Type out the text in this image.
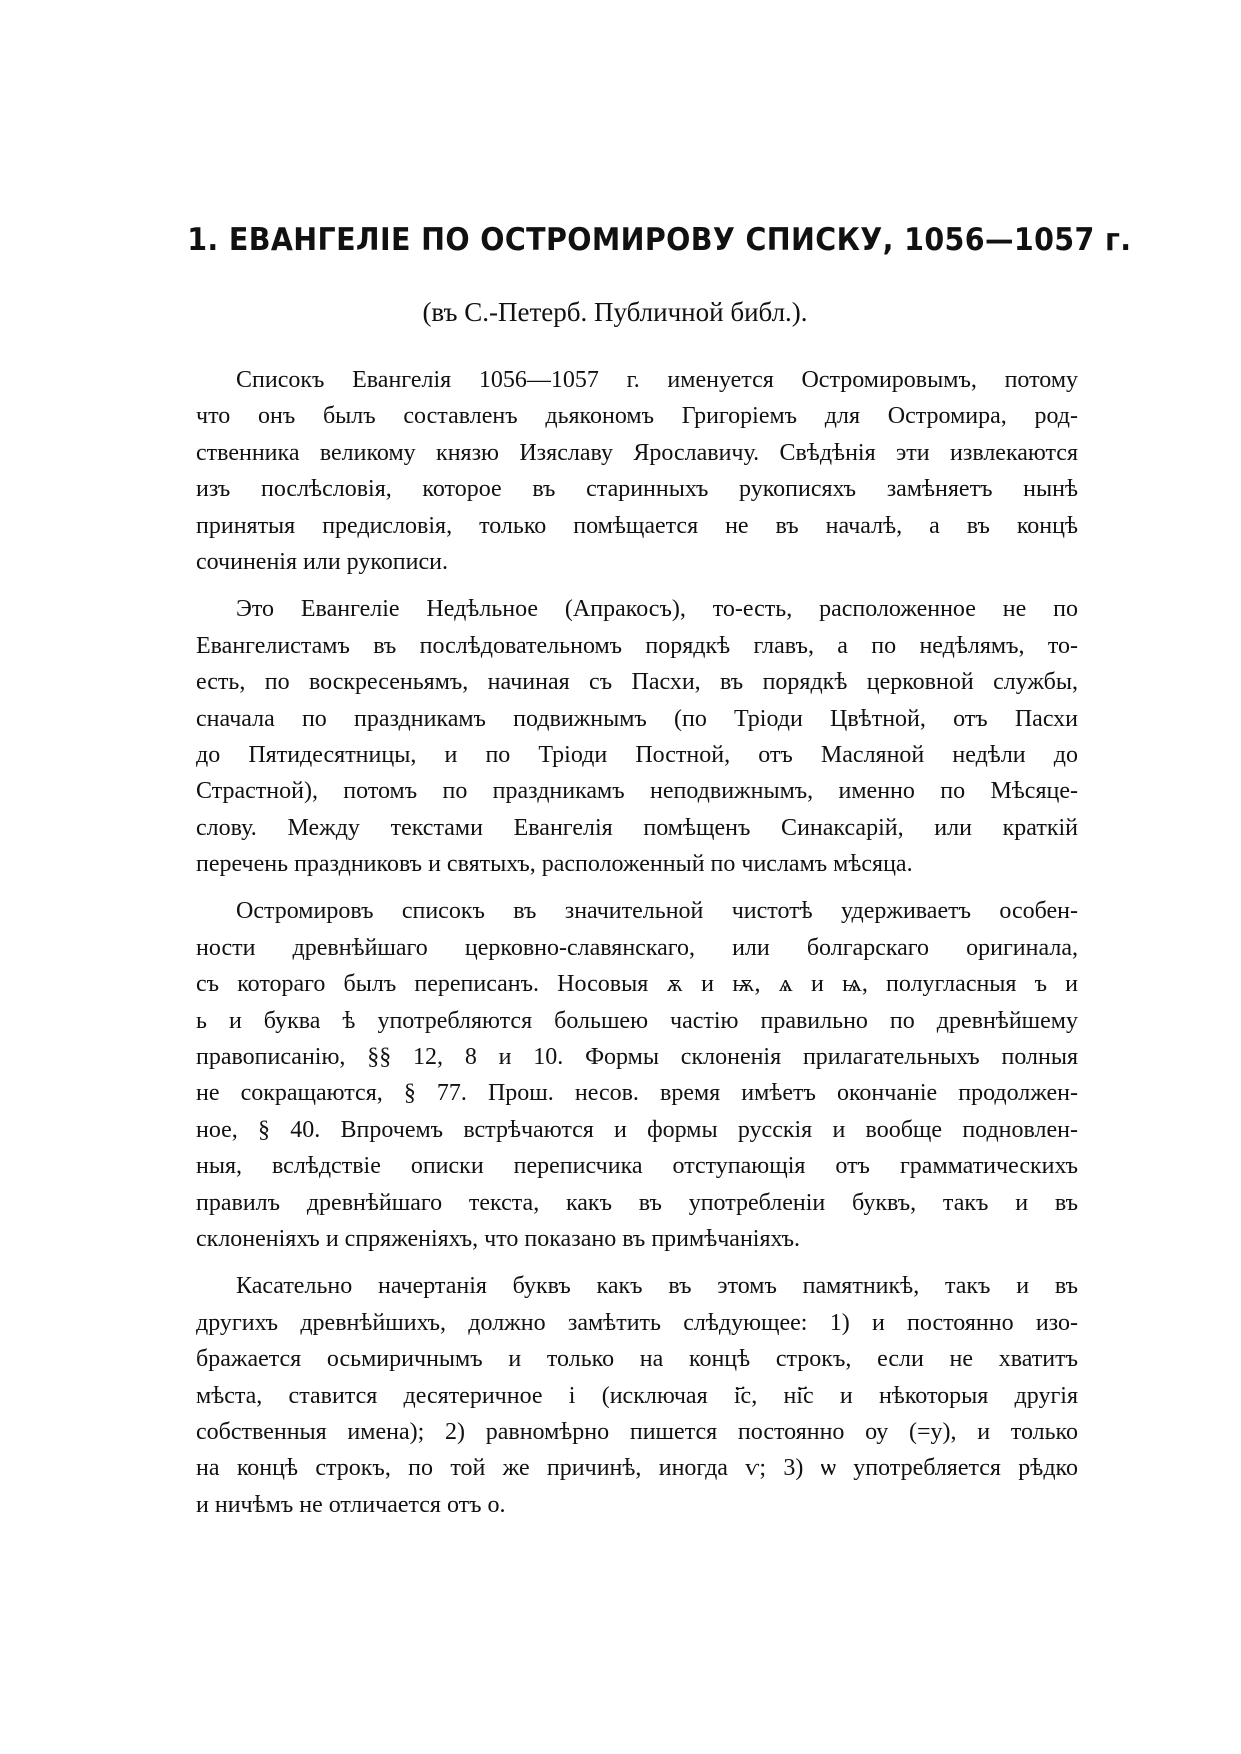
1. ЕВАНГЕЛІЕ ПО ОСТРОМИРОВУ СПИСКУ, 1056—1057 г.
(въ С.-Петерб. Публичной библ.).
Списокъ Евангелія 1056—1057 г. именуется Остромировымъ, потому
что онъ былъ составленъ дьякономъ Григоріемъ для Остромира, род-
ственника великому князю Изяславу Ярославичу. Свѣдѣнія эти извлекаются
изъ послѣсловія, которое въ старинныхъ рукописяхъ замѣняетъ нынѣ
принятыя предисловія, только помѣщается не въ началѣ, а въ концѣ
сочиненія или рукописи.
Это Евангеліе Недѣльное (Апракосъ), то-есть, расположенное не по
Евангелистамъ въ послѣдовательномъ порядкѣ главъ, а по недѣлямъ, то-
есть, по воскресеньямъ, начиная съ Пасхи, въ порядкѣ церковной службы,
сначала по праздникамъ подвижнымъ (по Тріоди Цвѣтной, отъ Пасхи
до Пятидесятницы, и по Тріоди Постной, отъ Масляной недѣли до
Страстной), потомъ по праздникамъ неподвижнымъ, именно по Мѣсяце-
слову. Между текстами Евангелія помѣщенъ Синаксарій, или краткій
перечень праздниковъ и святыхъ, расположенный по числамъ мѣсяца.
Остромировъ списокъ въ значительной чистотѣ удерживаетъ особен-
ности древнѣйшаго церковно-славянскаго, или болгарскаго оригинала,
съ котораго былъ переписанъ. Носовыя ѫ и ѭ, ѧ и ѩ, полугласныя ъ и
ь и буква ѣ употребляются большею частію правильно по древнѣйшему
правописанію, §§ 12, 8 и 10. Формы склоненія прилагательныхъ полныя
не сокращаются, § 77. Прош. несов. время имѣетъ окончаніе продолжен-
ное, § 40. Впрочемъ встрѣчаются и формы русскія и вообще подновлен-
ныя, вслѣдствіе описки переписчика отступающія отъ грамматическихъ
правилъ древнѣйшаго текста, какъ въ употребленіи буквъ, такъ и въ
склоненіяхъ и спряженіяхъ, что показано въ примѣчаніяхъ.
Касательно начертанія буквъ какъ въ этомъ памятникѣ, такъ и въ
другихъ древнѣйшихъ, должно замѣтить слѣдующее: 1) и постоянно изо-
бражается осьмиричнымъ и только на концѣ строкъ, если не хватитъ
мѣста, ставится десятеричное і (исключая і҃с, ні҃с и нѣкоторыя другія
собственныя имена); 2) равномѣрно пишется постоянно оу (=у), и только
на концѣ строкъ, по той же причинѣ, иногда ѵ; 3) ѡ употребляется рѣдко
и ничѣмъ не отличается отъ о.
